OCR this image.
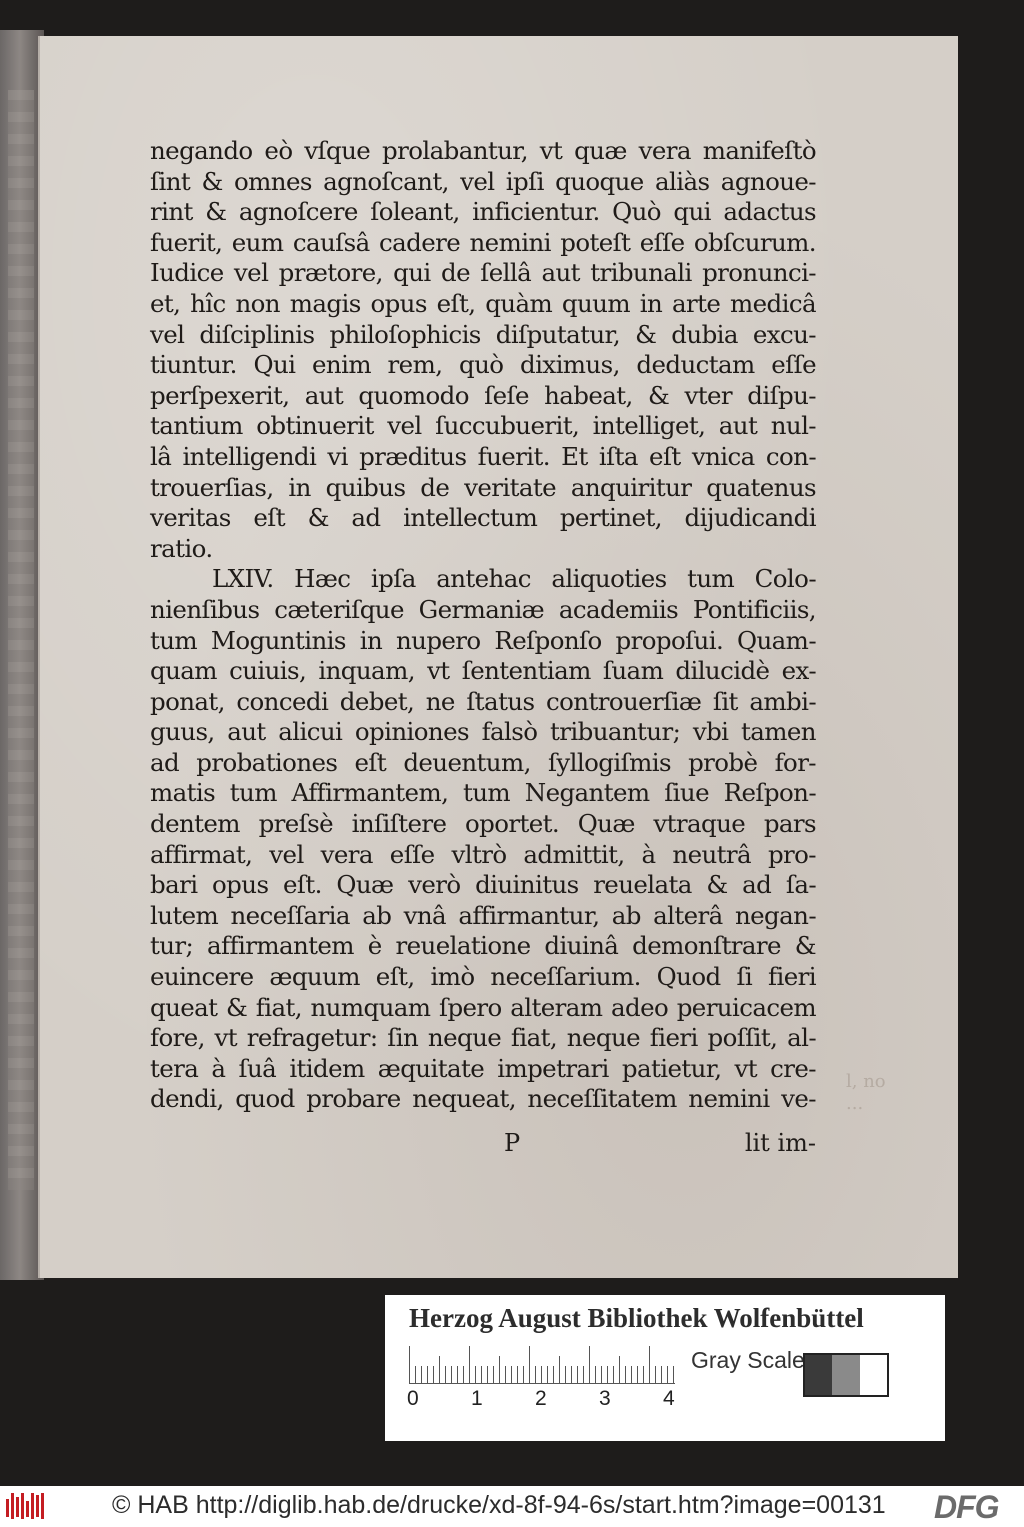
negando eò vſque prolabantur, vt quæ vera manifeſtò
ſint & omnes agnoſcant, vel ipſi quoque aliàs agnoue-
rint & agnoſcere ſoleant, inficientur. Quò qui adactus
fuerit, eum cauſsâ cadere nemini poteſt eſſe obſcurum.
Iudice vel prætore, qui de ſellâ aut tribunali pronunci-
et, hîc non magis opus eſt, quàm quum in arte medicâ
vel diſciplinis philoſophicis diſputatur, & dubia excu-
tiuntur. Qui enim rem, quò diximus, deductam eſſe
perſpexerit, aut quomodo ſeſe habeat, & vter diſpu-
tantium obtinuerit vel ſuccubuerit, intelliget, aut nul-
lâ intelligendi vi præditus fuerit. Et iſta eſt vnica con-
trouerſias, in quibus de veritate anquiritur quatenus
veritas eſt & ad intellectum pertinet, dijudicandi
ratio.
LXIV. Hæc ipſa antehac aliquoties tum Colo-
nienſibus cæteriſque Germaniæ academiis Pontificiis,
tum Moguntinis in nupero Reſponſo propoſui. Quam-
quam cuiuis, inquam, vt ſententiam ſuam dilucidè ex-
ponat, concedi debet, ne ſtatus controuerſiæ ſit ambi-
guus, aut alicui opiniones falsò tribuantur; vbi tamen
ad probationes eſt deuentum, ſyllogiſmis probè for-
matis tum Affirmantem, tum Negantem ſiue Reſpon-
dentem preſsè inſiſtere oportet. Quæ vtraque pars
affirmat, vel vera eſſe vltrò admittit, à neutrâ pro-
bari opus eſt. Quæ verò diuinitus reuelata & ad ſa-
lutem neceſſaria ab vnâ affirmantur, ab alterâ negan-
tur; affirmantem è reuelatione diuinâ demonſtrare &
euincere æquum eſt, imò neceſſarium. Quod ſi fieri
queat & fiat, numquam ſpero alteram adeo peruicacem
fore, vt refragetur: ſin neque fiat, neque fieri poſſit, al-
tera à ſuâ itidem æquitate impetrari patietur, vt cre-
dendi, quod probare nequeat, neceſſitatem nemini ve-
P	lit im-
l, no
...
Herzog August Bibliothek Wolfenbüttel
0 1 2 3 4
Gray Scale
© HAB http://diglib.hab.de/drucke/xd-8f-94-6s/start.htm?image=00131 DFG
